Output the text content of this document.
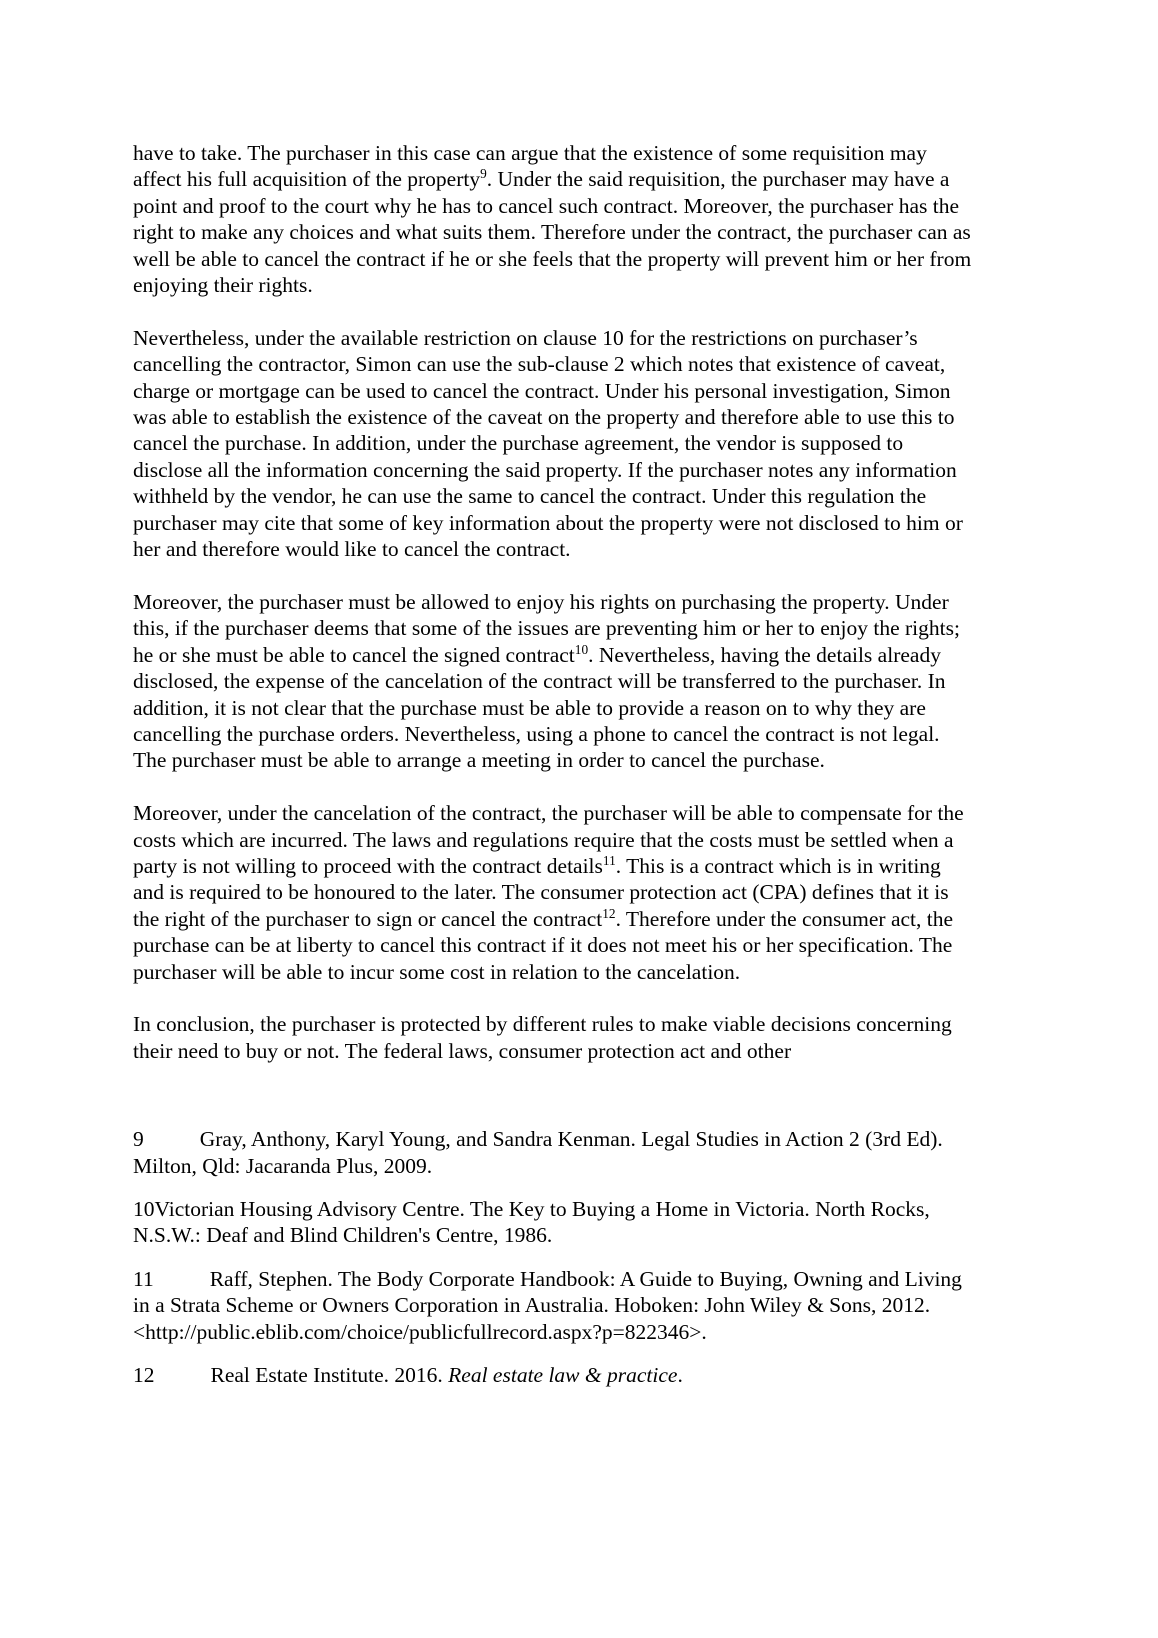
have to take. The purchaser in this case can argue that the existence of some requisition may affect his full acquisition of the property$^9$. Under the said requisition, the purchaser may have a point and proof to the court why he has to cancel such contract. Moreover, the purchaser has the right to make any choices and what suits them. Therefore under the contract, the purchaser can as well be able to cancel the contract if he or she feels that the property will prevent him or her from enjoying their rights.

Nevertheless, under the available restriction on clause 10 for the restrictions on purchaser’s cancelling the contractor, Simon can use the sub-clause 2 which notes that existence of caveat, charge or mortgage can be used to cancel the contract. Under his personal investigation, Simon was able to establish the existence of the caveat on the property and therefore able to use this to cancel the purchase. In addition, under the purchase agreement, the vendor is supposed to disclose all the information concerning the said property. If the purchaser notes any information withheld by the vendor, he can use the same to cancel the contract. Under this regulation the purchaser may cite that some of key information about the property were not disclosed to him or her and therefore would like to cancel the contract.

Moreover, the purchaser must be allowed to enjoy his rights on purchasing the property. Under this, if the purchaser deems that some of the issues are preventing him or her to enjoy the rights; he or she must be able to cancel the signed contract$^{10}$. Nevertheless, having the details already disclosed, the expense of the cancelation of the contract will be transferred to the purchaser. In addition, it is not clear that the purchase must be able to provide a reason on to why they are cancelling the purchase orders. Nevertheless, using a phone to cancel the contract is not legal. The purchaser must be able to arrange a meeting in order to cancel the purchase.

Moreover, under the cancelation of the contract, the purchaser will be able to compensate for the costs which are incurred. The laws and regulations require that the costs must be settled when a party is not willing to proceed with the contract details$^{11}$. This is a contract which is in writing and is required to be honoured to the later. The consumer protection act (CPA) defines that it is the right of the purchaser to sign or cancel the contract$^{12}$. Therefore under the consumer act, the purchase can be at liberty to cancel this contract if it does not meet his or her specification. The purchaser will be able to incur some cost in relation to the cancelation.

In conclusion, the purchaser is protected by different rules to make viable decisions concerning their need to buy or not. The federal laws, consumer protection act and other

9	Gray, Anthony, Karyl Young, and Sandra Kenman. Legal Studies in Action 2 (3rd Ed). Milton, Qld: Jacaranda Plus, 2009.

10Victorian Housing Advisory Centre. The Key to Buying a Home in Victoria. North Rocks, N.S.W.: Deaf and Blind Children's Centre, 1986.

11	Raff, Stephen. The Body Corporate Handbook: A Guide to Buying, Owning and Living in a Strata Scheme or Owners Corporation in Australia. Hoboken: John Wiley & Sons, 2012. <http://public.eblib.com/choice/publicfullrecord.aspx?p=822346>.

12	Real Estate Institute. 2016. Real estate law & practice.
